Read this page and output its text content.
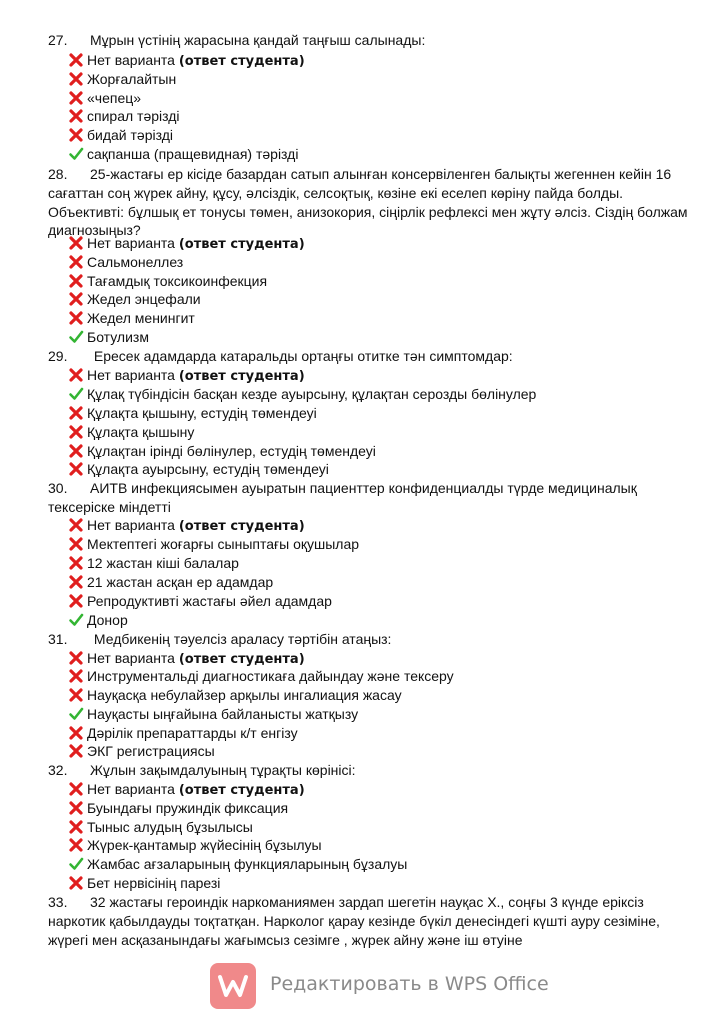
27. Мұрын үстінің жарасына қандай таңғыш салынады:
Нет варианта (ответ студента)
Жорғалайтын
«чепец»
спирал тәрізді
бидай тәрізді
сақпанша (пращевидная) тәрізді
28. 25-жастағы ер кісіде базардан сатып алынған консервіленген балықты жегеннен кейін 16 сағаттан соң жүрек айну, құсу, әлсіздік, селсоқтық, көзіне екі еселеп көріну пайда болды. Объективті: бұлшық ет тонусы төмен, анизокория, сіңірлік рефлексі мен жұту әлсіз. Сіздің болжам диагнозыңыз?
Нет варианта (ответ студента)
Сальмонеллез
Тағамдық токсикоинфекция
Жедел энцефали
Жедел менингит
Ботулизм
29. Ересек адамдарда катаральды ортаңғы отитке тән симптомдар:
Нет варианта (ответ студента)
Құлақ түбіндісін басқан кезде ауырсыну, құлақтан серозды бөлінулер
Құлақта қышыну, естудің төмендеуі
Құлақта қышыну
Құлақтан ірінді бөлінулер, естудің төмендеуі
Құлақта ауырсыну, естудің төмендеуі
30. АИТВ инфекциясымен ауыратын пациенттер конфиденциалды түрде медициналық тексеріске міндетті
Нет варианта (ответ студента)
Мектептегі жоғарғы сыныптағы оқушылар
12 жастан кіші балалар
21 жастан асқан ер адамдар
Репродуктивті жастағы әйел адамдар
Донор
31. Медбикенің тәуелсіз араласу тәртібін атаңыз:
Нет варианта (ответ студента)
Инструментальді диагностикаға дайындау және тексеру
Науқасқа небулайзер арқылы ингалиация жасау
Науқасты ыңғайына байланысты жатқызу
Дәрілік препараттарды к/т енгізу
ЭКГ регистрациясы
32. Жұлын зақымдалуының тұрақты көрінісі:
Нет варианта (ответ студента)
Буындағы пружиндік фиксация
Тыныс алудың бұзылысы
Жүрек-қантамыр жүйесінің бұзылуы
Жамбас ағзаларының функцияларының бұзалуы
Бет нервісінің парезі
33. 32 жастағы героиндік наркоманиямен зардап шегетін науқас Х., соңғы 3 күнде еріксіз наркотик қабылдауды тоқтатқан. Нарколог қарау кезінде бүкіл денесіндегі күшті ауру сезіміне, жүрегі мен асқазанындағы жағымсыз сезімге , жүрек айну және іш өтуіне
Редактировать в WPS Office
